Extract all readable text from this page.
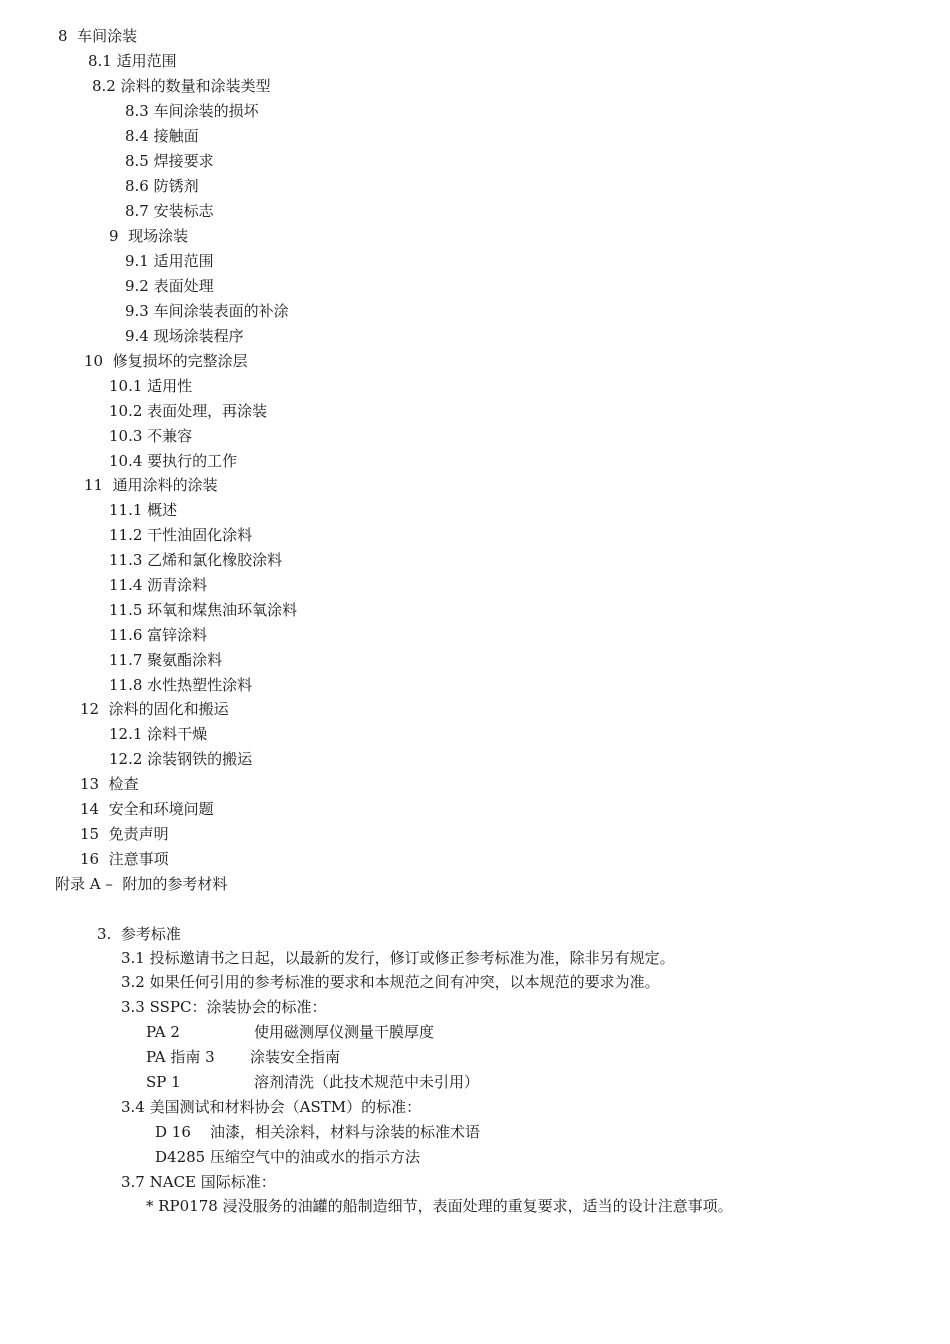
8  车间涂装
8.1 适用范围
8.2 涂料的数量和涂装类型
8.3 车间涂装的损坏
8.4 接触面
8.5 焊接要求
8.6 防锈剂
8.7 安装标志
9  现场涂装
9.1 适用范围
9.2 表面处理
9.3 车间涂装表面的补涂
9.4 现场涂装程序
10  修复损坏的完整涂层
10.1 适用性
10.2 表面处理，再涂装
10.3 不兼容
10.4 要执行的工作
11  通用涂料的涂装
11.1 概述
11.2 干性油固化涂料
11.3 乙烯和氯化橡胶涂料
11.4 沥青涂料
11.5 环氧和煤焦油环氧涂料
11.6 富锌涂料
11.7 聚氨酯涂料
11.8 水性热塑性涂料
12  涂料的固化和搬运
12.1 涂料干燥
12.2 涂装钢铁的搬运
13  检查
14  安全和环境问题
15  免责声明
16  注意事项
附录 A –  附加的参考材料
3.  参考标准
3.1 投标邀请书之日起，以最新的发行，修订或修正参考标准为准，除非另有规定。
3.2 如果任何引用的参考标准的要求和本规范之间有冲突，以本规范的要求为准。
3.3 SSPC：涂装协会的标准：
PA 2	使用磁测厚仪测量干膜厚度
PA 指南 3 涂装安全指南
SP 1	溶剂清洗（此技术规范中未引用）
3.4 美国测试和材料协会（ASTM）的标准：
D 16    油漆，相关涂料，材料与涂装的标准术语
D4285 压缩空气中的油或水的指示方法
3.7 NACE 国际标准：
* RP0178 浸没服务的油罐的船制造细节，表面处理的重复要求，适当的设计注意事项。
